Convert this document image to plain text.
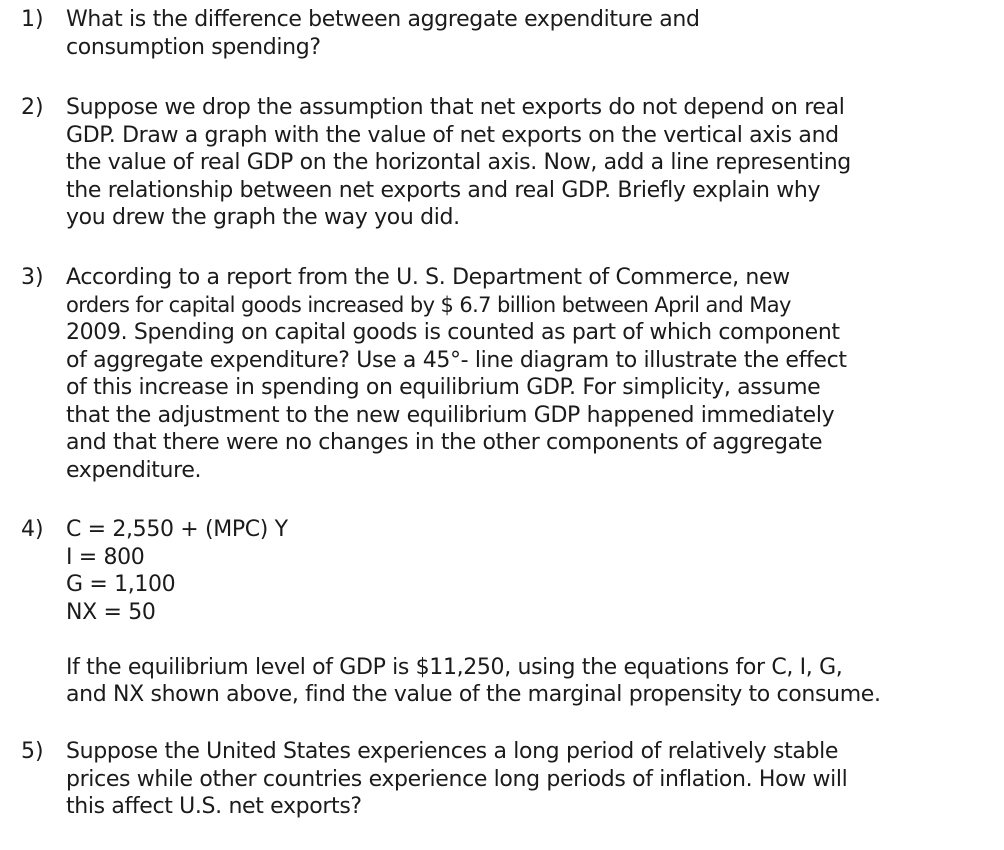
1) What is the difference between aggregate expenditure and
consumption spending?
2) Suppose we drop the assumption that net exports do not depend on real
GDP. Draw a graph with the value of net exports on the vertical axis and
the value of real GDP on the horizontal axis. Now, add a line representing
the relationship between net exports and real GDP. Briefly explain why
you drew the graph the way you did.
3) According to a report from the U. S. Department of Commerce, new
orders for capital goods increased by $ 6.7 billion between April and May
2009. Spending on capital goods is counted as part of which component
of aggregate expenditure? Use a 45°- line diagram to illustrate the effect
of this increase in spending on equilibrium GDP. For simplicity, assume
that the adjustment to the new equilibrium GDP happened immediately
and that there were no changes in the other components of aggregate
expenditure.
4) C = 2,550 + (MPC) Y
I = 800
G = 1,100
NX = 50
If the equilibrium level of GDP is $11,250, using the equations for C, I, G,
and NX shown above, find the value of the marginal propensity to consume.
5) Suppose the United States experiences a long period of relatively stable
prices while other countries experience long periods of inflation. How will
this affect U.S. net exports?
